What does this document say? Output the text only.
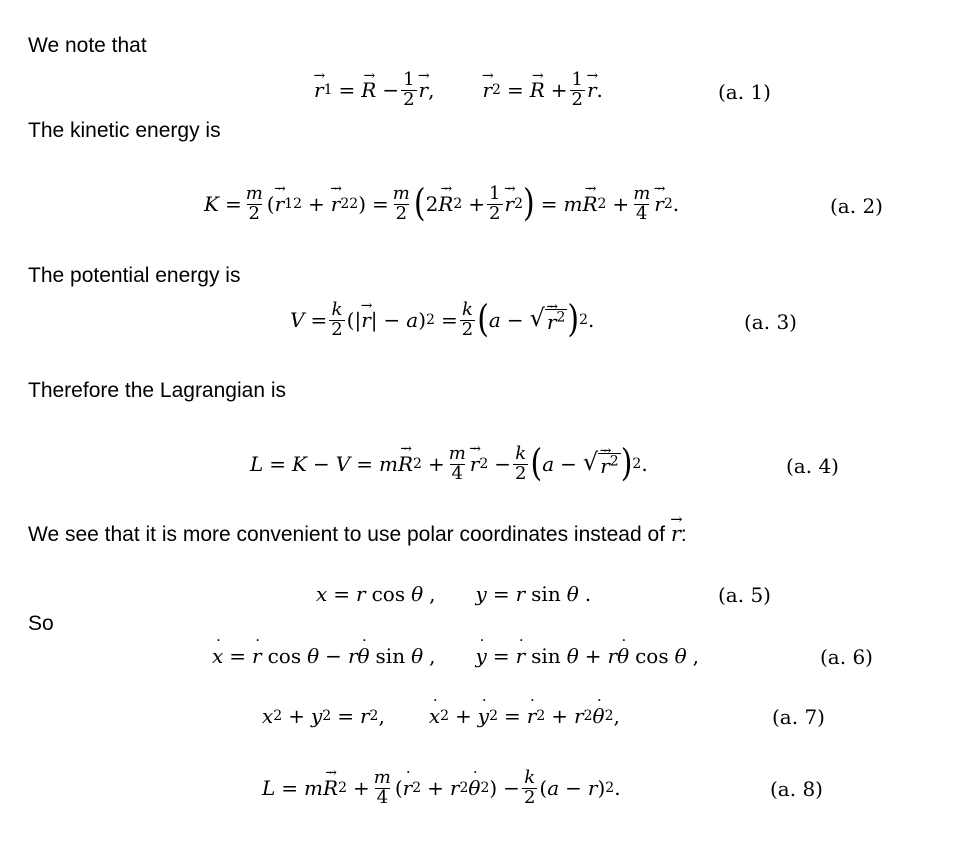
We note that
The kinetic energy is
The potential energy is
Therefore the Lagrangian is
We see that it is more convenient to use polar coordinates instead of → r:
So
→ r 1 =
→ $R - \frac{1}{2}$
→ r ,
→ r 2 =
→ $R + \frac{1}{2}$
→ r .	(a. 1)
$K = \frac{m}{2}$ (
→ r ˙ 1 2 +
→ r ˙ 2 2 )
= $\frac{m}{2}$ ( 2
→ R ˙ $2 + \frac{1}{2}$
→ r ˙ 2 ) = m
→ R ˙ $2 + \frac{m}{4}$
→ r ˙ 2 .	(a. 2)
$V = \frac{k}{2}$ (|
→ r | − a ) $2 = \frac{k}{2}$ ( a − √
→ r ˙$^2$ ) 2 .	(a. 3)
L = K − V = m
→ R ˙ $2 + \frac{m}{4}$
→ r ˙ $2 - \frac{k}{2}$ ( a − √
→ r ˙$^2$ ) 2 .	(a. 4)
x = r cos θ , y = r sin θ .	(a. 5)
x ˙ = r ˙ cos θ − r θ ˙ sin θ , y ˙ = r ˙ sin θ + r θ ˙ cos θ ,	(a. 6)
x 2 + y 2 = r 2 , x ˙ 2 + y ˙ 2 = r ˙ 2 + r 2 θ ˙ 2 ,	(a. 7)
L = m
→ R ˙ $2 + \frac{m}{4}$ ( r ˙ 2 + r 2 θ ˙ 2 ) − $\frac{k}{2}$ ( a − r ) 2 .	(a. 8)
